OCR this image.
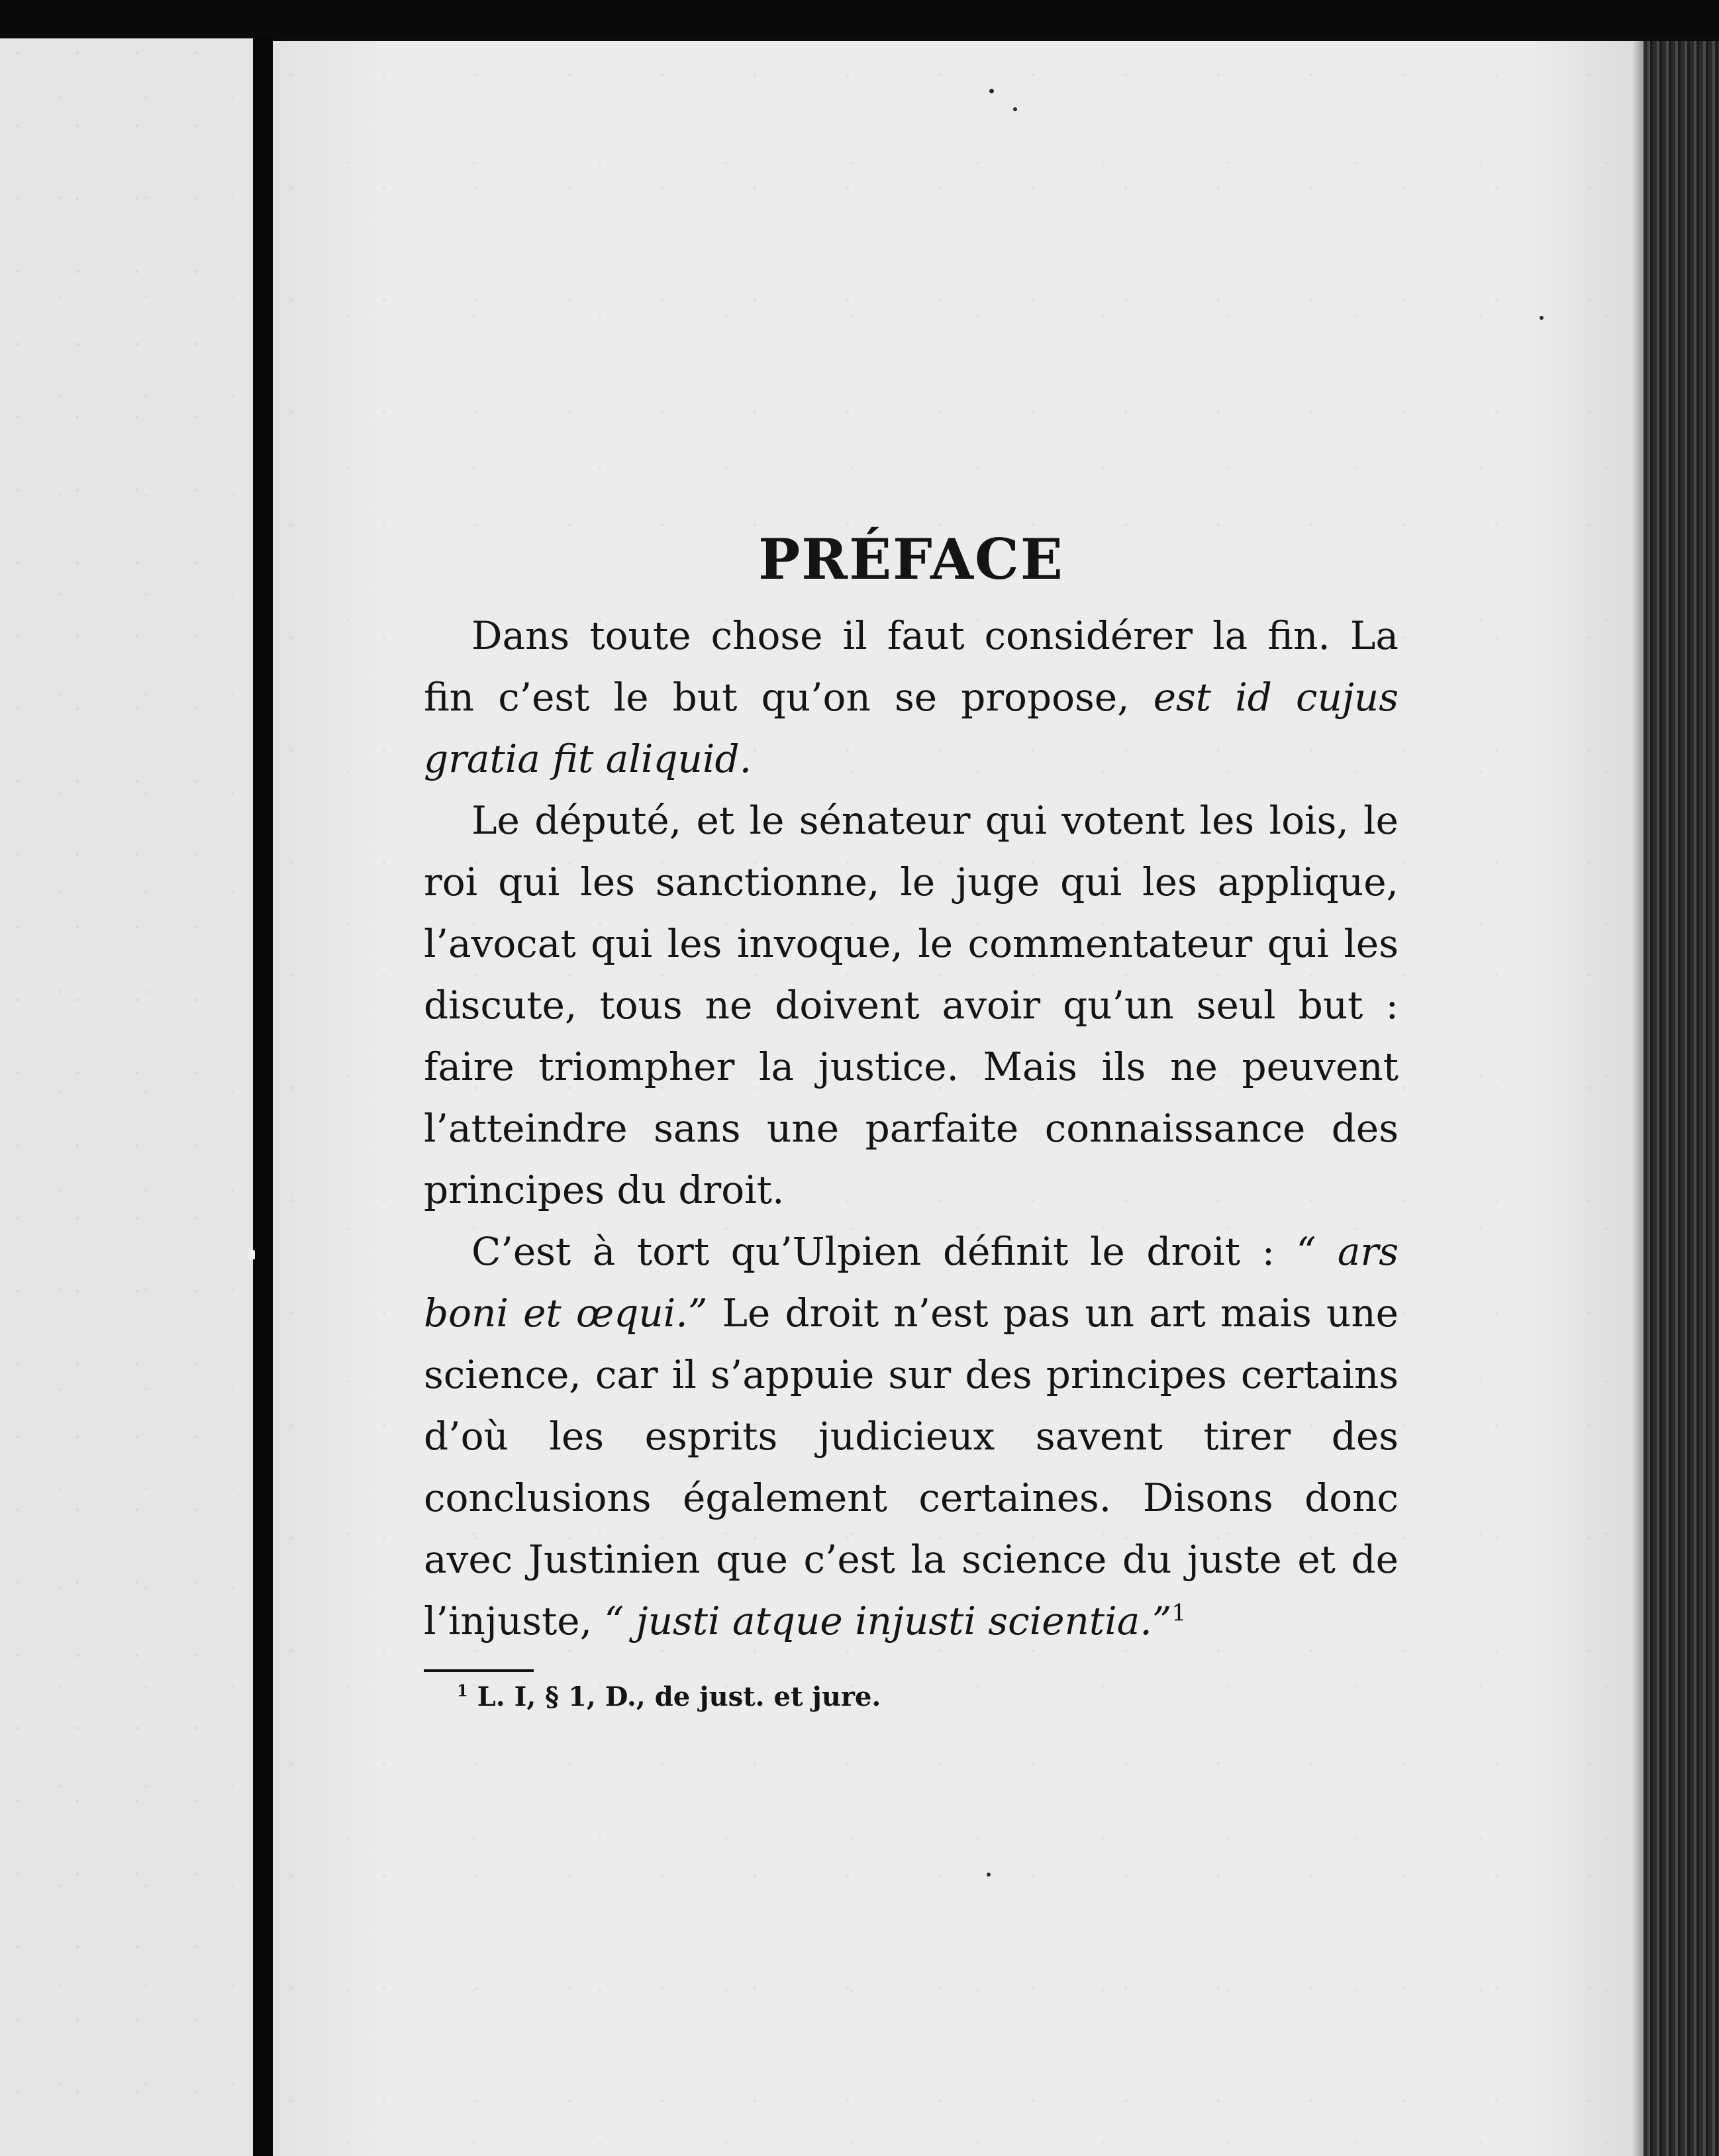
PRÉFACE

Dans toute chose il faut considérer la fin. La fin c’est le but qu’on se propose, est id cujus gratia fit aliquid.

Le député, et le sénateur qui votent les lois, le roi qui les sanctionne, le juge qui les applique, l’avocat qui les invoque, le commentateur qui les discute, tous ne doivent avoir qu’un seul but : faire triompher la justice. Mais ils ne peuvent l’atteindre sans une parfaite connaissance des principes du droit.

C’est à tort qu’Ulpien définit le droit : “ ars boni et œqui.” Le droit n’est pas un art mais une science, car il s’appuie sur des principes certains d’où les esprits judicieux savent tirer des conclusions également certaines. Disons donc avec Justinien que c’est la science du juste et de l’injuste, “ justi atque injusti scientia.”$^1$

$^1$ L. I, § 1, D., de just. et jure.
